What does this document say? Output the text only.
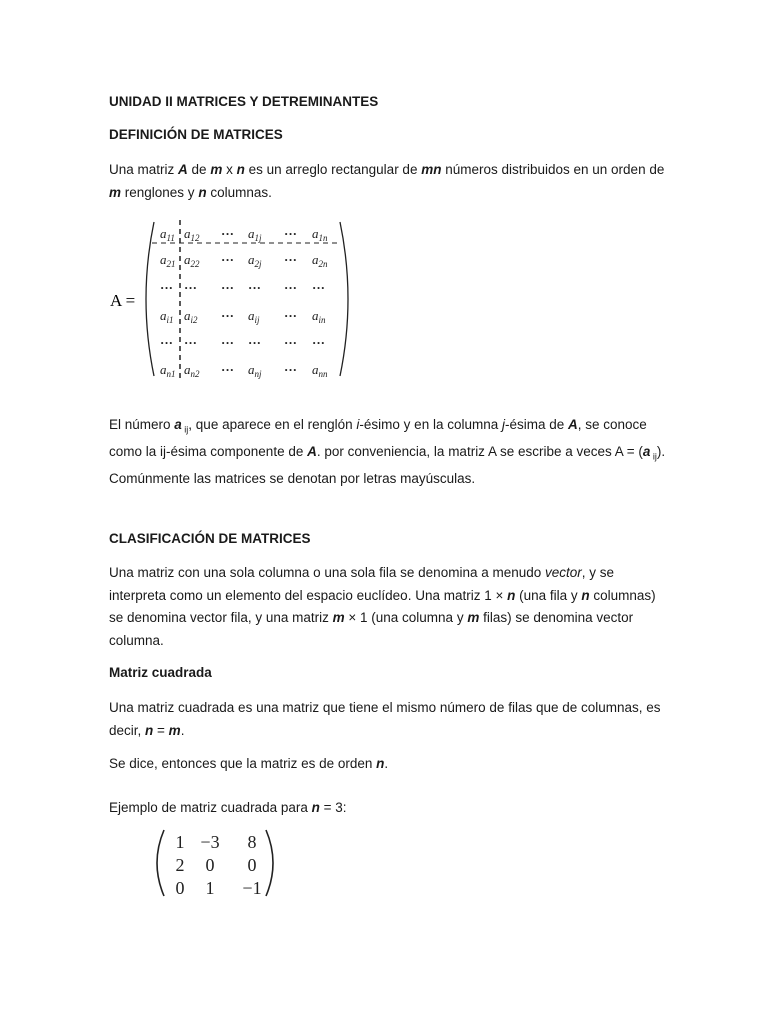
UNIDAD II MATRICES Y DETREMINANTES
DEFINICIÓN DE MATRICES
Una matriz A de m x n es un arreglo rectangular de mn números distribuidos en un orden de m renglones y n columnas.
A =
$a_{11}$ $a_{12}$ ··· $a_{1j}$ ··· $a_{1n}$
$a_{21}$ $a_{22}$ ··· $a_{2j}$ ··· $a_{2n}$
··· ··· ··· ··· ··· ···
$a_{i1}$ $a_{i2}$ ··· $a_{ij}$ ··· $a_{in}$
··· ··· ··· ··· ··· ···
$a_{n1}$ $a_{n2}$ ··· $a_{nj}$ ··· $a_{nn}$
El número a $_{ij}$, que aparece en el renglón i-ésimo y en la columna j-ésima de A, se conoce como la ij-ésima componente de A. por conveniencia, la matriz A se escribe a veces A = (a $_{ij}$). Comúnmente las matrices se denotan por letras mayúsculas.
CLASIFICACIÓN DE MATRICES
Una matriz con una sola columna o una sola fila se denomina a menudo vector, y se interpreta como un elemento del espacio euclídeo. Una matriz 1 × n (una fila y n columnas) se denomina vector fila, y una matriz m × 1 (una columna y m filas) se denomina vector columna.
Matriz cuadrada
Una matriz cuadrada es una matriz que tiene el mismo número de filas que de columnas, es decir, n = m.
Se dice, entonces que la matriz es de orden n.
Ejemplo de matriz cuadrada para n = 3:
1 −3 8
2 0 0
0 1 −1
